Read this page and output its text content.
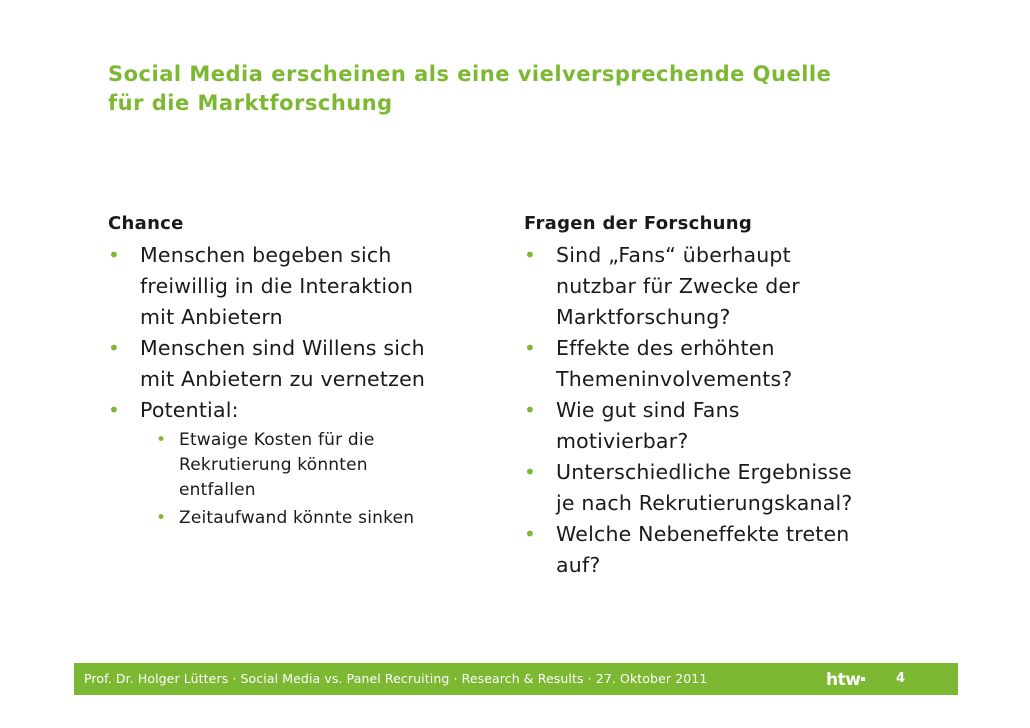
Social Media erscheinen als eine vielversprechende Quelle
für die Marktforschung
Chance
• Menschen begeben sich
freiwillig in die Interaktion
mit Anbietern
• Menschen sind Willens sich
mit Anbietern zu vernetzen
• Potential:
• Etwaige Kosten für die
Rekrutierung könnten
entfallen
• Zeitaufwand könnte sinken
Fragen der Forschung
• Sind „Fans“ überhaupt
nutzbar für Zwecke der
Marktforschung?
• Effekte des erhöhten
Themeninvolvements?
• Wie gut sind Fans
motivierbar?
• Unterschiedliche Ergebnisse
je nach Rekrutierungskanal?
• Welche Nebeneffekte treten
auf?
Prof. Dr. Holger Lütters · Social Media vs. Panel Recruiting · Research & Results · 27. Oktober 2011	htw	4
